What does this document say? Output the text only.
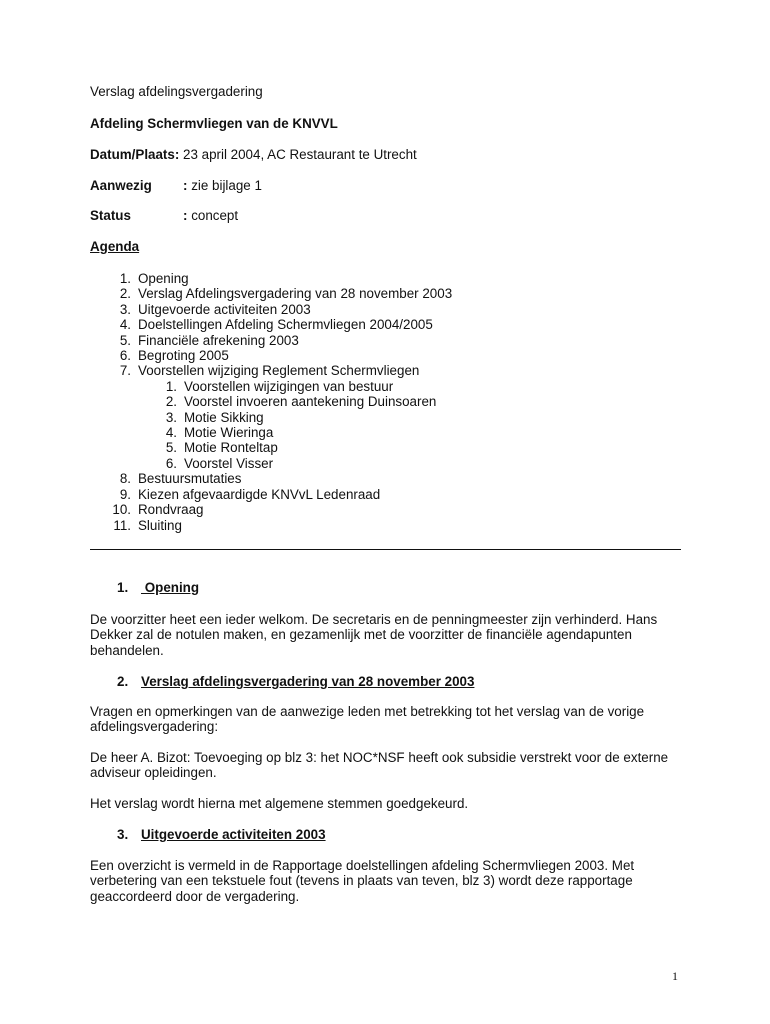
Verslag afdelingsvergadering
Afdeling Schermvliegen van de KNVVL
Datum/Plaats: 23 april 2004, AC Restaurant te Utrecht
Aanwezig : zie bijlage 1
Status	: concept
Agenda
1. Opening
2. Verslag Afdelingsvergadering van 28 november 2003
3. Uitgevoerde activiteiten 2003
4. Doelstellingen Afdeling Schermvliegen 2004/2005
5. Financiële afrekening 2003
6. Begroting 2005
7. Voorstellen wijziging Reglement Schermvliegen
1. Voorstellen wijzigingen van bestuur
2. Voorstel invoeren aantekening Duinsoaren
3. Motie Sikking
4. Motie Wieringa
5. Motie Ronteltap
6. Voorstel Visser
8. Bestuursmutaties
9. Kiezen afgevaardigde KNVvL Ledenraad
10. Rondvraag
11. Sluiting
1. Opening
De voorzitter heet een ieder welkom. De secretaris en de penningmeester zijn verhinderd. Hans Dekker zal de notulen maken, en gezamenlijk met de voorzitter de financiële agendapunten behandelen.
2. Verslag afdelingsvergadering van 28 november 2003
Vragen en opmerkingen van de aanwezige leden met betrekking tot het verslag van de vorige afdelingsvergadering:
De heer A. Bizot: Toevoeging op blz 3: het NOC*NSF heeft ook subsidie verstrekt voor de externe adviseur opleidingen.
Het verslag wordt hierna met algemene stemmen goedgekeurd.
3. Uitgevoerde activiteiten 2003
Een overzicht is vermeld in de Rapportage doelstellingen afdeling Schermvliegen 2003. Met verbetering van een tekstuele fout (tevens in plaats van teven, blz 3) wordt deze rapportage geaccordeerd door de vergadering.
1
